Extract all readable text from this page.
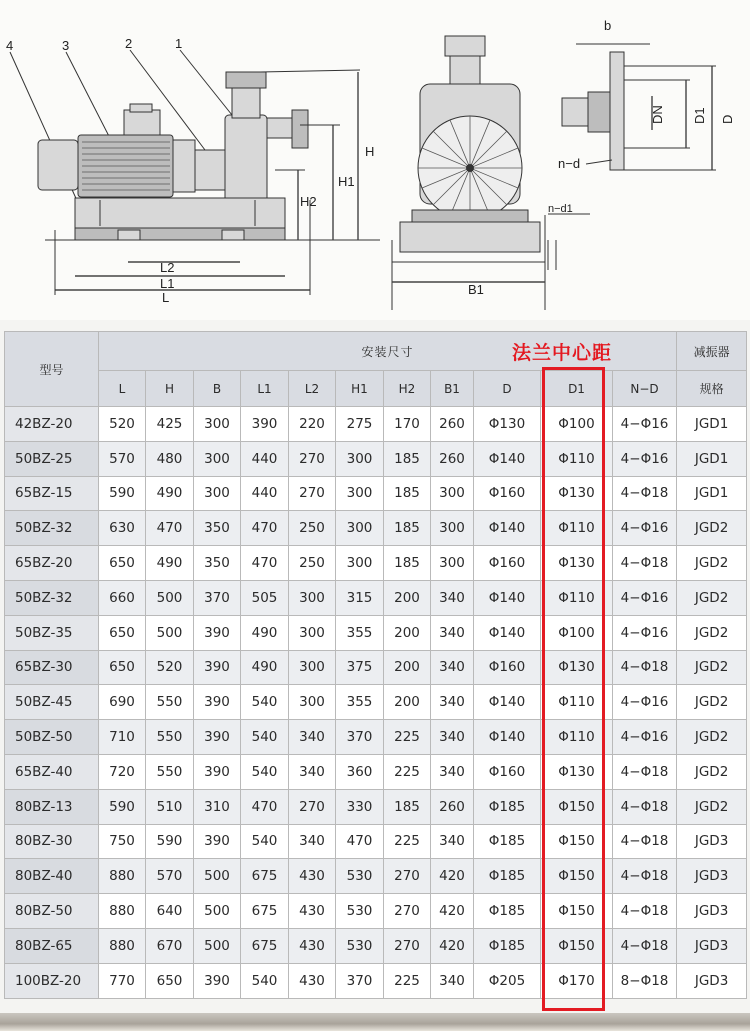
4	3	2	1
H
H1
H2
L2
L1
L
B1
n−d1
b
DN D1 D
n−d
型号	安装尺寸											减振器
	L	H	B	L1	L2	H1	H2	B1	D	D1	N−D	规格
42BZ-20	520	425	300	390	220	275	170	260	Φ130	Φ100	4−Φ16	JGD1
50BZ-25	570	480	300	440	270	300	185	260	Φ140	Φ110	4−Φ16	JGD1
65BZ-15	590	490	300	440	270	300	185	300	Φ160	Φ130	4−Φ18	JGD1
50BZ-32	630	470	350	470	250	300	185	300	Φ140	Φ110	4−Φ16	JGD2
65BZ-20	650	490	350	470	250	300	185	300	Φ160	Φ130	4−Φ18	JGD2
50BZ-32	660	500	370	505	300	315	200	340	Φ140	Φ110	4−Φ16	JGD2
50BZ-35	650	500	390	490	300	355	200	340	Φ140	Φ100	4−Φ16	JGD2
65BZ-30	650	520	390	490	300	375	200	340	Φ160	Φ130	4−Φ18	JGD2
50BZ-45	690	550	390	540	300	355	200	340	Φ140	Φ110	4−Φ16	JGD2
50BZ-50	710	550	390	540	340	370	225	340	Φ140	Φ110	4−Φ16	JGD2
65BZ-40	720	550	390	540	340	360	225	340	Φ160	Φ130	4−Φ18	JGD2
80BZ-13	590	510	310	470	270	330	185	260	Φ185	Φ150	4−Φ18	JGD2
80BZ-30	750	590	390	540	340	470	225	340	Φ185	Φ150	4−Φ18	JGD3
80BZ-40	880	570	500	675	430	530	270	420	Φ185	Φ150	4−Φ18	JGD3
80BZ-50	880	640	500	675	430	530	270	420	Φ185	Φ150	4−Φ18	JGD3
80BZ-65	880	670	500	675	430	530	270	420	Φ185	Φ150	4−Φ18	JGD3
100BZ-20	770	650	390	540	430	370	225	340	Φ205	Φ170	8−Φ18	JGD3
法兰中心距
